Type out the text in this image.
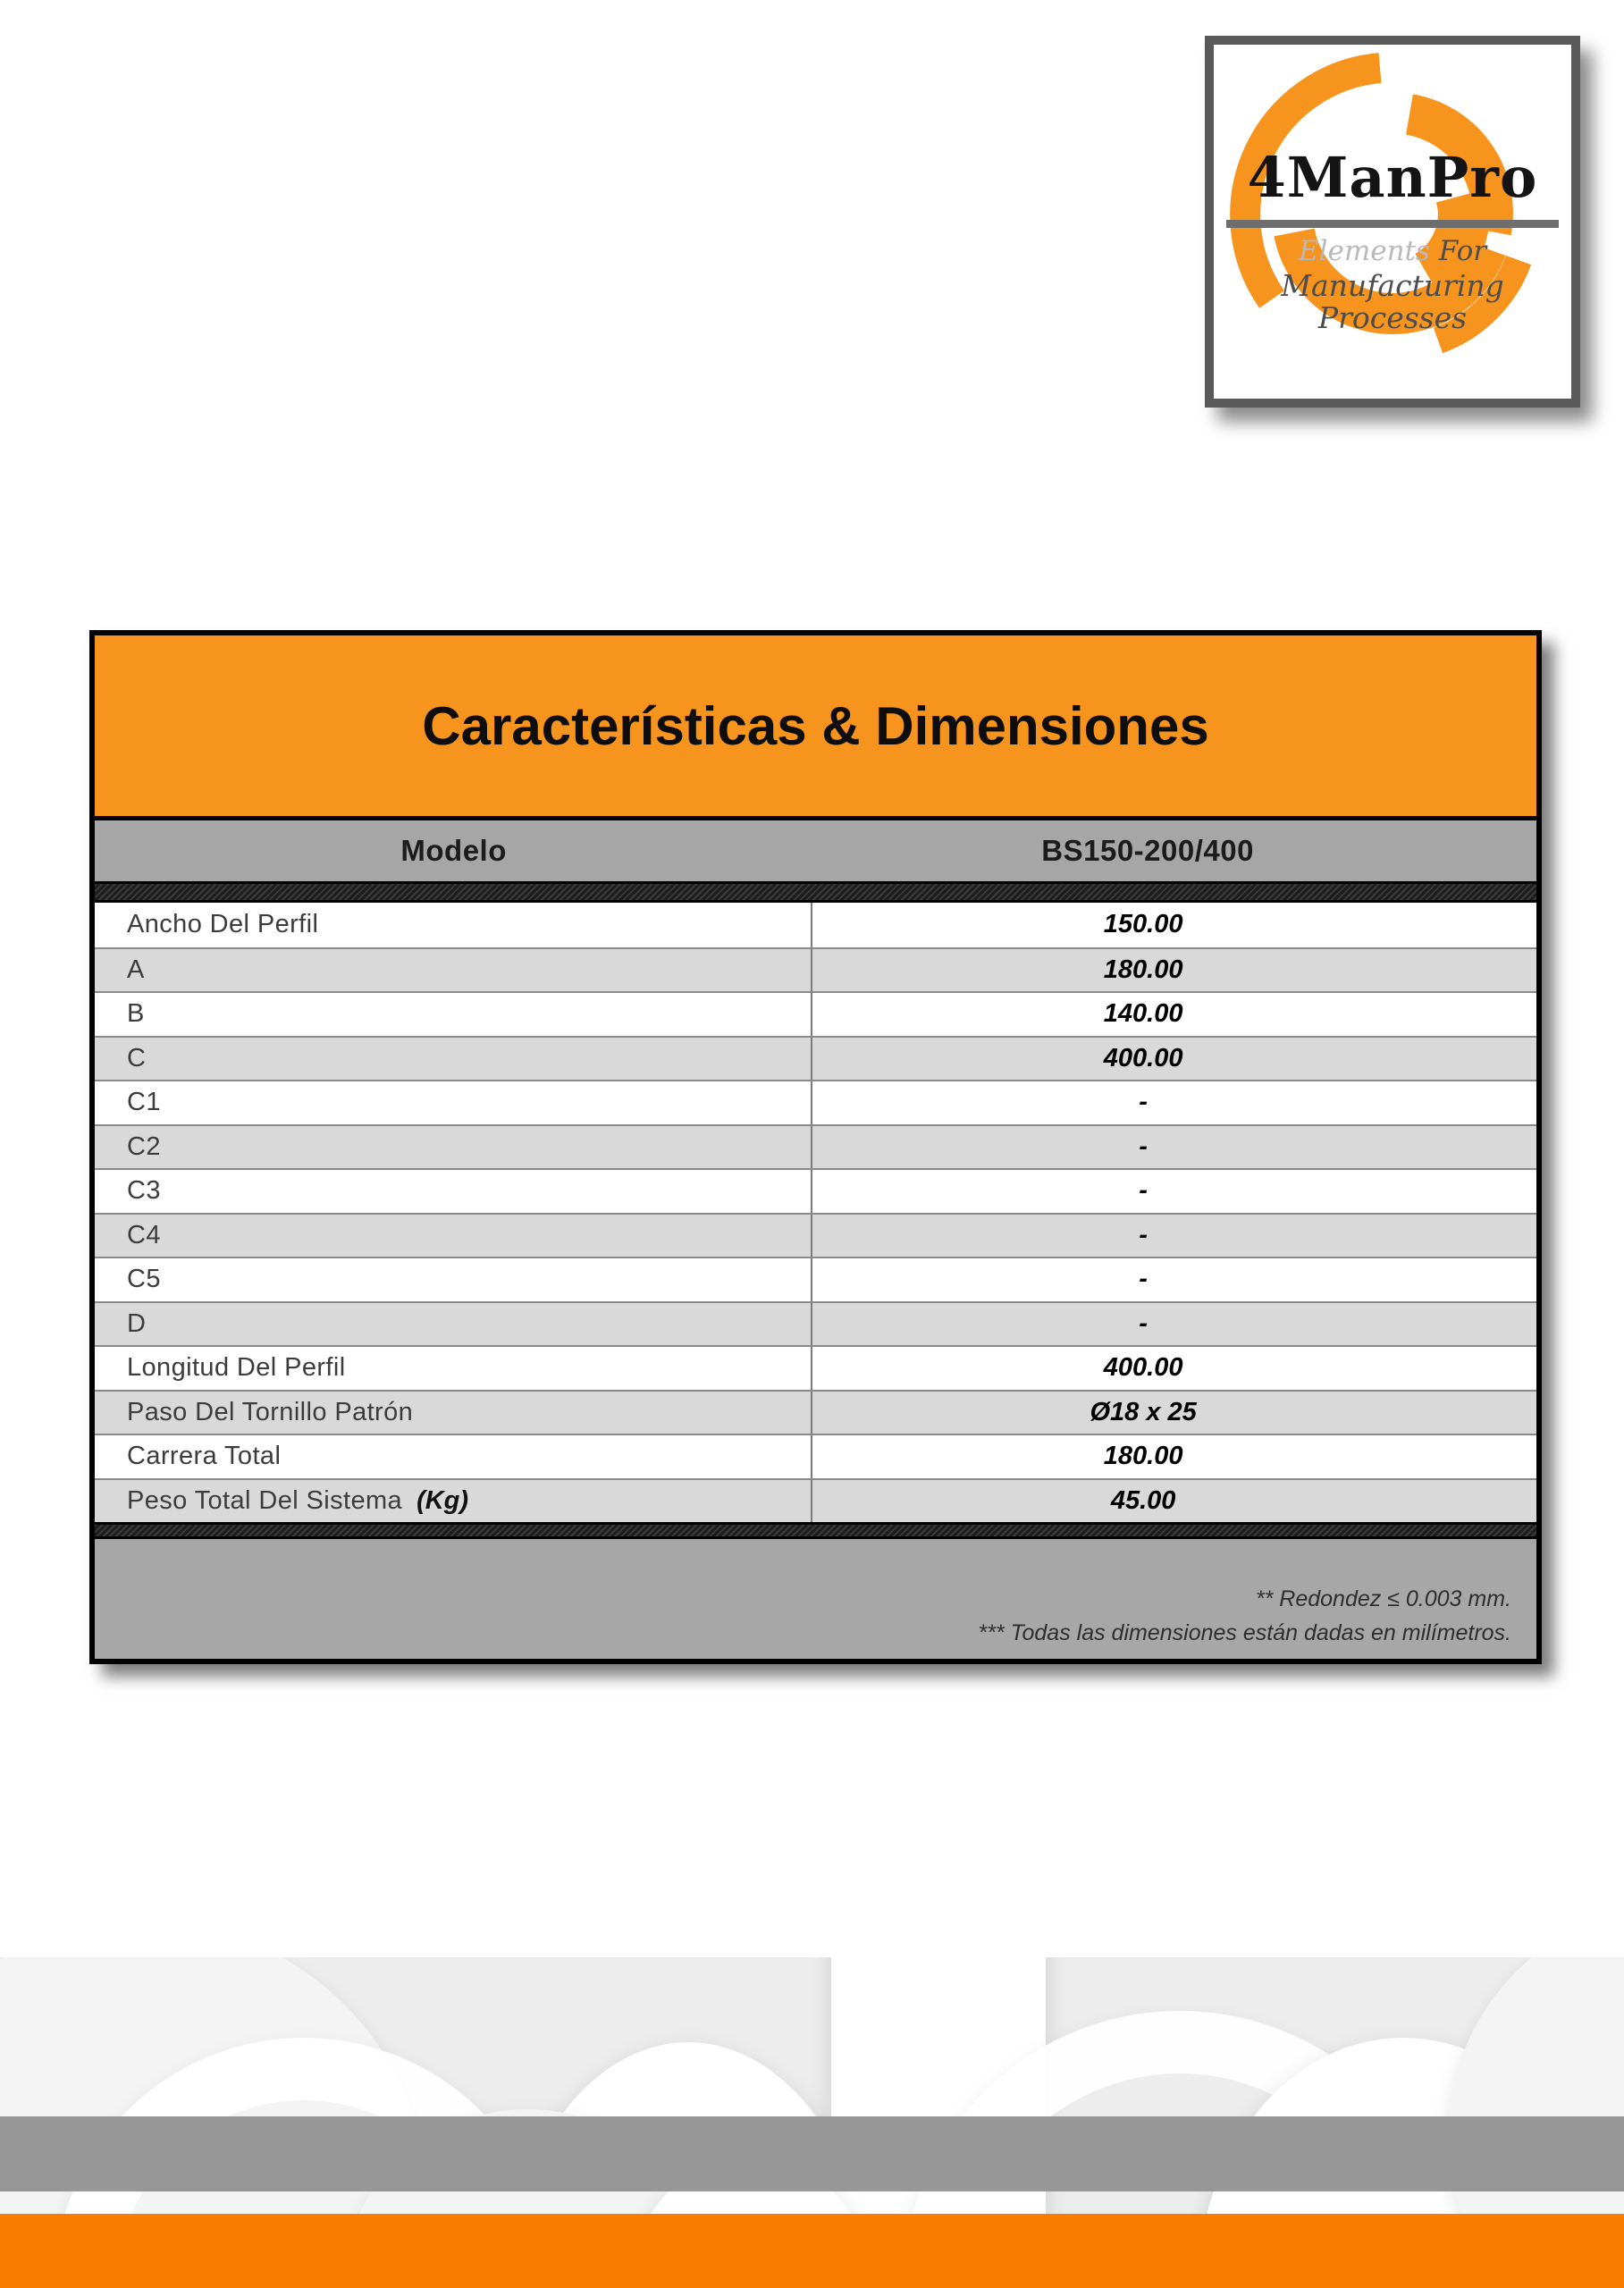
4ManPro
Elements For
Manufacturing Processes
Características & Dimensiones
Modelo	BS150-200/400
Ancho Del Perfil	150.00
A	180.00
B	140.00
C	400.00
C1	-
C2	-
C3	-
C4	-
C5	-
D	-
Longitud Del Perfil	400.00
Paso Del Tornillo Patrón	Ø18 x 25
Carrera Total	180.00
Peso Total Del Sistema (Kg)	45.00
** Redondez ≤ 0.003 mm.
*** Todas las dimensiones están dadas en milímetros.
